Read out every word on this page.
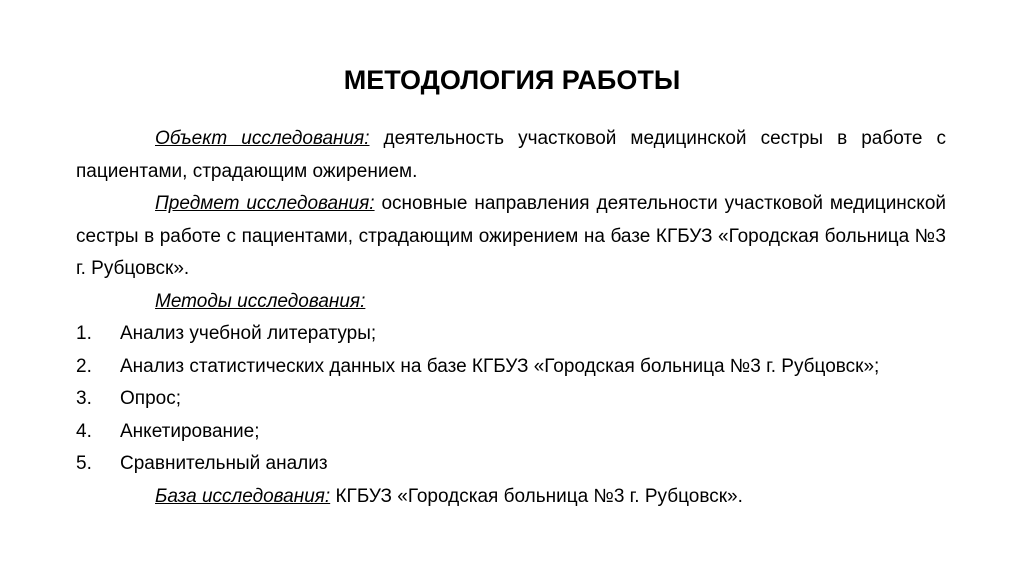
МЕТОДОЛОГИЯ РАБОТЫ
Объект исследования: деятельность участковой медицинской сестры в работе с пациентами, страдающим ожирением.
Предмет исследования: основные направления деятельности участковой медицинской сестры в работе с пациентами, страдающим ожирением на базе КГБУЗ «Городская больница №3 г. Рубцовск».
Методы исследования:
1.	Анализ учебной литературы;
2.	Анализ статистических данных на базе КГБУЗ «Городская больница №3 г. Рубцовск»;
3.	Опрос;
4.	Анкетирование;
5.	Сравнительный анализ
База исследования: КГБУЗ «Городская больница №3 г. Рубцовск».
